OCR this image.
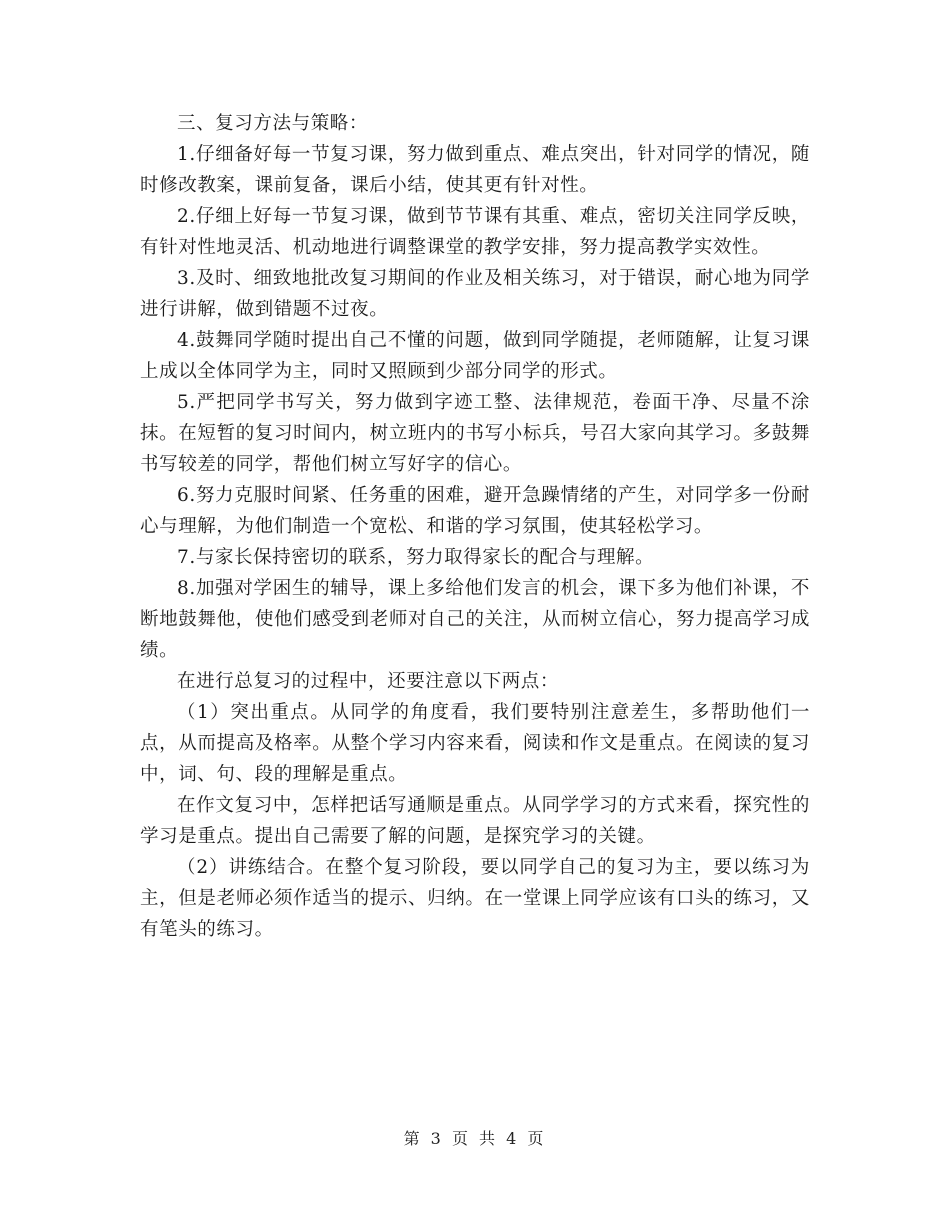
三、复习方法与策略：

1.仔细备好每一节复习课，努力做到重点、难点突出，针对同学的情况，随时修改教案，课前复备，课后小结，使其更有针对性。

2.仔细上好每一节复习课，做到节节课有其重、难点，密切关注同学反映，有针对性地灵活、机动地进行调整课堂的教学安排，努力提高教学实效性。

3.及时、细致地批改复习期间的作业及相关练习，对于错误，耐心地为同学进行讲解，做到错题不过夜。

4.鼓舞同学随时提出自己不懂的问题，做到同学随提，老师随解，让复习课上成以全体同学为主，同时又照顾到少部分同学的形式。

5.严把同学书写关，努力做到字迹工整、法律规范，卷面干净、尽量不涂抹。在短暂的复习时间内，树立班内的书写小标兵，号召大家向其学习。多鼓舞书写较差的同学，帮他们树立写好字的信心。

6.努力克服时间紧、任务重的困难，避开急躁情绪的产生，对同学多一份耐心与理解，为他们制造一个宽松、和谐的学习氛围，使其轻松学习。

7.与家长保持密切的联系，努力取得家长的配合与理解。

8.加强对学困生的辅导，课上多给他们发言的机会，课下多为他们补课，不断地鼓舞他，使他们感受到老师对自己的关注，从而树立信心，努力提高学习成绩。

在进行总复习的过程中，还要注意以下两点：

（1）突出重点。从同学的角度看，我们要特别注意差生，多帮助他们一点，从而提高及格率。从整个学习内容来看，阅读和作文是重点。在阅读的复习中，词、句、段的理解是重点。

在作文复习中，怎样把话写通顺是重点。从同学学习的方式来看，探究性的学习是重点。提出自己需要了解的问题，是探究学习的关键。

（2）讲练结合。在整个复习阶段，要以同学自己的复习为主，要以练习为主，但是老师必须作适当的提示、归纳。在一堂课上同学应该有口头的练习，又有笔头的练习。

第 3 页 共 4 页
